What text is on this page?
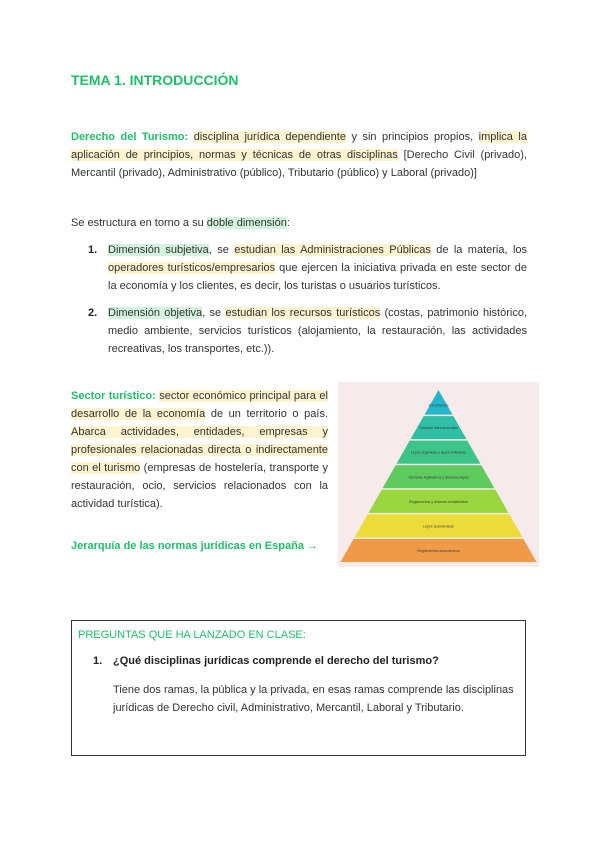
TEMA 1. INTRODUCCIÓN
Derecho del Turismo: disciplina jurídica dependiente y sin principios propios, implica la aplicación de principios, normas y técnicas de otras disciplinas [Derecho Civil (privado), Mercantil (privado), Administrativo (público), Tributario (público) y Laboral (privado)]
Se estructura en torno a su doble dimensión:
1. Dimensión subjetiva, se estudian las Administraciones Públicas de la materia, los operadores turísticos/empresarios que ejercen la iniciativa privada en este sector de la economía y los clientes, es decir, los turistas o usuarios turísticos.
2. Dimensión objetiva, se estudian los recursos turísticos (costas, patrimonio histórico, medio ambiente, servicios turísticos (alojamiento, la restauración, las actividades recreativas, los transportes, etc.)).
Sector turístico: sector económico principal para el desarrollo de la economía de un territorio o país. Abarca actividades, entidades, empresas y profesionales relacionadas directa o indirectamente con el turismo (empresas de hostelería, transporte y restauración, ocio, servicios relacionados con la actividad turística).
Jerarquía de las normas jurídicas en España →
Constitución
Tratados internacionales
Leyes orgánicas y leyes ordinarias
Decretos legislativos y decretos-leyes
Reglamentos y órdenes ministeriales
Leyes autonómicas
Reglamentos autonómicos
PREGUNTAS QUE HA LANZADO EN CLASE:
1. ¿Qué disciplinas jurídicas comprende el derecho del turismo?
Tiene dos ramas, la pública y la privada, en esas ramas comprende las disciplinas jurídicas de Derecho civil, Administrativo, Mercantil, Laboral y Tributario.
